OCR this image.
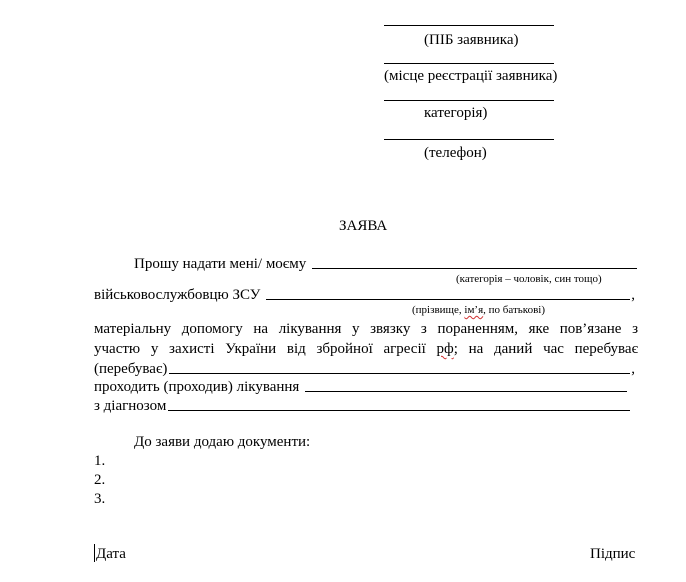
(ПІБ заявника)
(місце реєстрації заявника)
категорія)
(телефон)
ЗАЯВА
Прошу надати мені/ моєму
(категорія – чоловік, син тощо)
військовослужбовцю ЗСУ	,
(прізвище, ім’я, по батькові)
матеріальну допомогу на лікування у звязку з пораненням, яке пов’язане з
участю у захисті України від збройної агресії рф; на даний час перебуває
(перебуває)	,
проходить (проходив) лікування
з діагнозом
До заяви додаю документи:
1.
2.
3.
Дата	Підпис
